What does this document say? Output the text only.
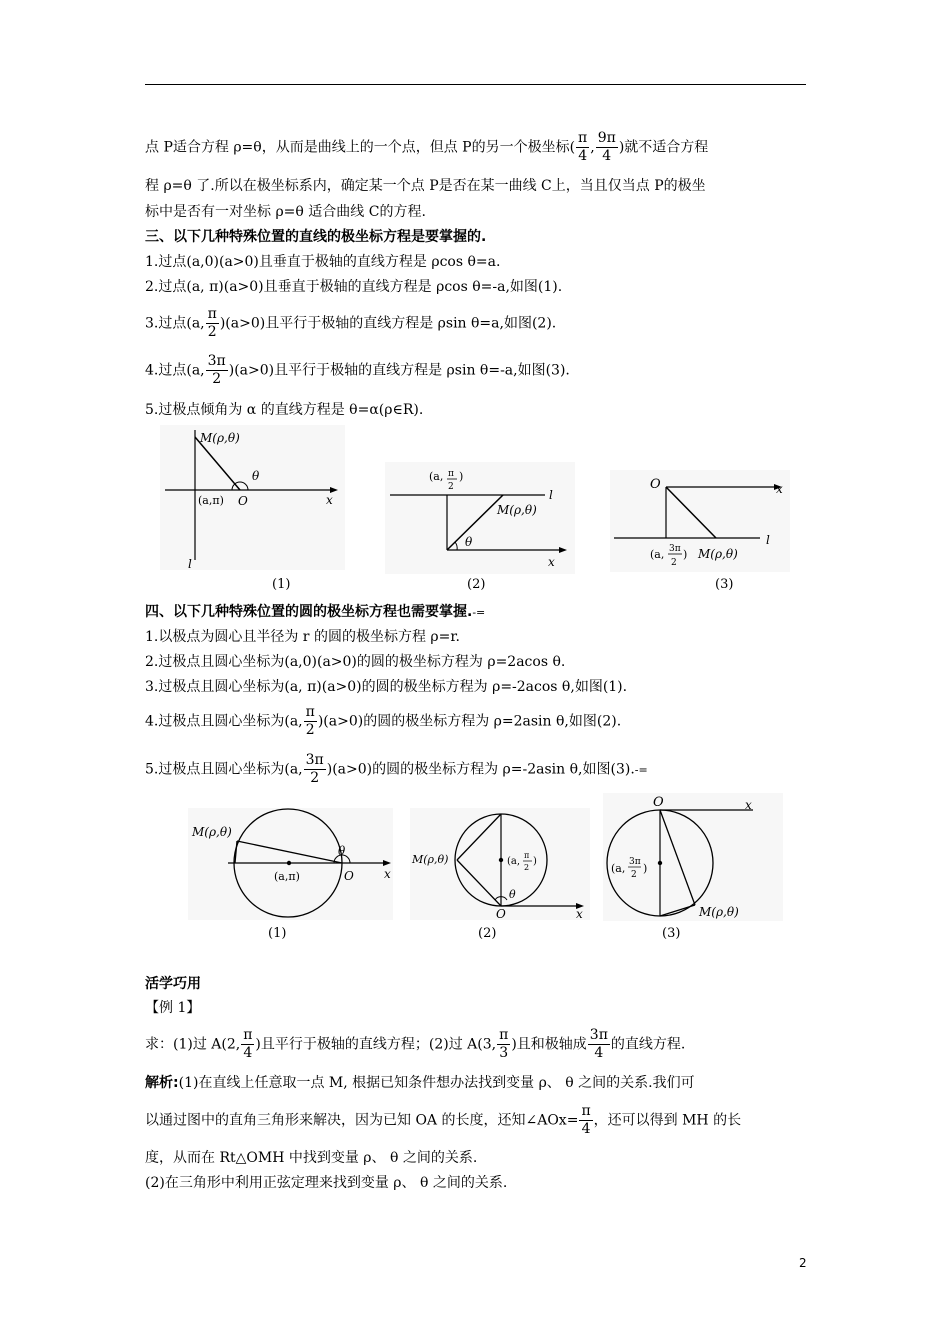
点 P适合方程 ρ=θ，从而是曲线上的一个点，但点 P的另一个极坐标( $\frac{\pi}{4}$ , $\frac{9\pi}{4}$ )就不适合方程
程 ρ=θ 了.所以在极坐标系内，确定某一个点 P是否在某一曲线 C上，当且仅当点 P的极坐
标中是否有一对坐标 ρ=θ 适合曲线 C的方程.
三、以下几种特殊位置的直线的极坐标方程是要掌握的.
1.过点(a,0)(a>0)且垂直于极轴的直线方程是 ρcos θ=a.
2.过点(a, π)(a>0)且垂直于极轴的直线方程是 ρcos θ=-a,如图(1).
3.过点(a, $\frac{\pi}{2} )(a>0)$且平行于极轴的直线方程是 ρsin θ=a,如图(2).
4.过点(a, $\frac{3\pi}{2} )(a>0)$且平行于极轴的直线方程是 ρsin θ=-a,如图(3).
5.过极点倾角为 α 的直线方程是 θ=α(ρ∈R).
M(ρ,θ)
θ
(a,π) O	x
l
(1)
(a, π
2
)
M(ρ,θ)
θ
x
l
(2)
O	x
l
(a, 3π
2
) M(ρ,θ)
(3)
四、以下几种特殊位置的圆的极坐标方程也需要掌握.-=
1.以极点为圆心且半径为 r 的圆的极坐标方程 ρ=r.
2.过极点且圆心坐标为(a,0)(a>0)的圆的极坐标方程为 ρ=2acos θ.
3.过极点且圆心坐标为(a, π)(a>0)的圆的极坐标方程为 ρ=-2acos θ,如图(1).
4.过极点且圆心坐标为(a, $\frac{\pi}{2} )(a>0)$的圆的极坐标方程为 ρ=2asin θ,如图(2).
5.过极点且圆心坐标为(a, $\frac{3\pi}{2} )(a>0)$的圆的极坐标方程为 ρ=-2asin θ,如图(3).-=
M(ρ,θ)
θ
(a,π)	O	x
(1)
M(ρ,θ)	(a,
π
2
)
θ
O	x
(2)
O	x
(a, 3π
2 )
M(ρ,θ)
(3)
活学巧用
【例 1】
求：(1)过 A(2, $\frac{\pi}{4}$ )且平行于极轴的直线方程；(2)过 A(3, $\frac{\pi}{3}$ )且和极轴成 $\frac{3\pi}{4}$ 的直线方程.
解析:(1)在直线上任意取一点 M, 根据已知条件想办法找到变量 ρ、 θ 之间的关系.我们可
以通过图中的直角三角形来解决，因为已知 OA 的长度，还知∠AOx= $\frac{\pi}{4}$ ，还可以得到 MH 的长
度，从而在 Rt△OMH 中找到变量 ρ、 θ 之间的关系.
(2)在三角形中利用正弦定理来找到变量 ρ、 θ 之间的关系.
2
